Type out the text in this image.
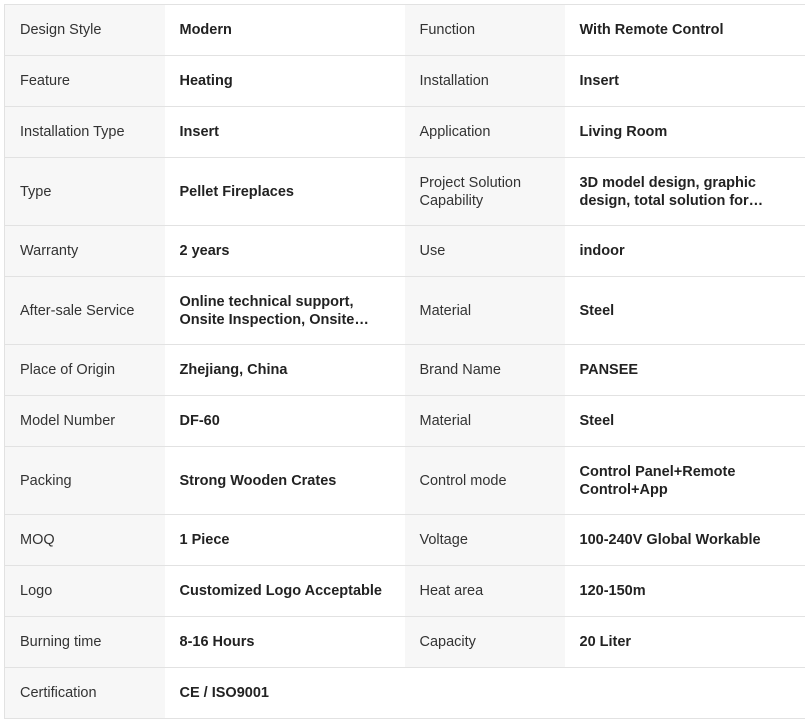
Design Style	Modern	Function	With Remote Control
Feature	Heating	Installation	Insert
Installation Type	Insert	Application	Living Room
Type	Pellet Fireplaces	Project Solution Capability	3D model design, graphic design, total solution for…

Warranty	2 years	Use	indoor
After-sale Service	Online technical support, Onsite Inspection, Onsite…	Material	Steel
Place of Origin	Zhejiang, China	Brand Name	PANSEE
Model Number	DF-60	Material	Steel
Packing	Strong Wooden Crates	Control mode	Control Panel+Remote Control+App

MOQ	1 Piece	Voltage	100-240V Global Workable
Logo	Customized Logo Acceptable	Heat area	120-150m
Burning time	8-16 Hours	Capacity	20 Liter
Certification	CE / ISO9001		
